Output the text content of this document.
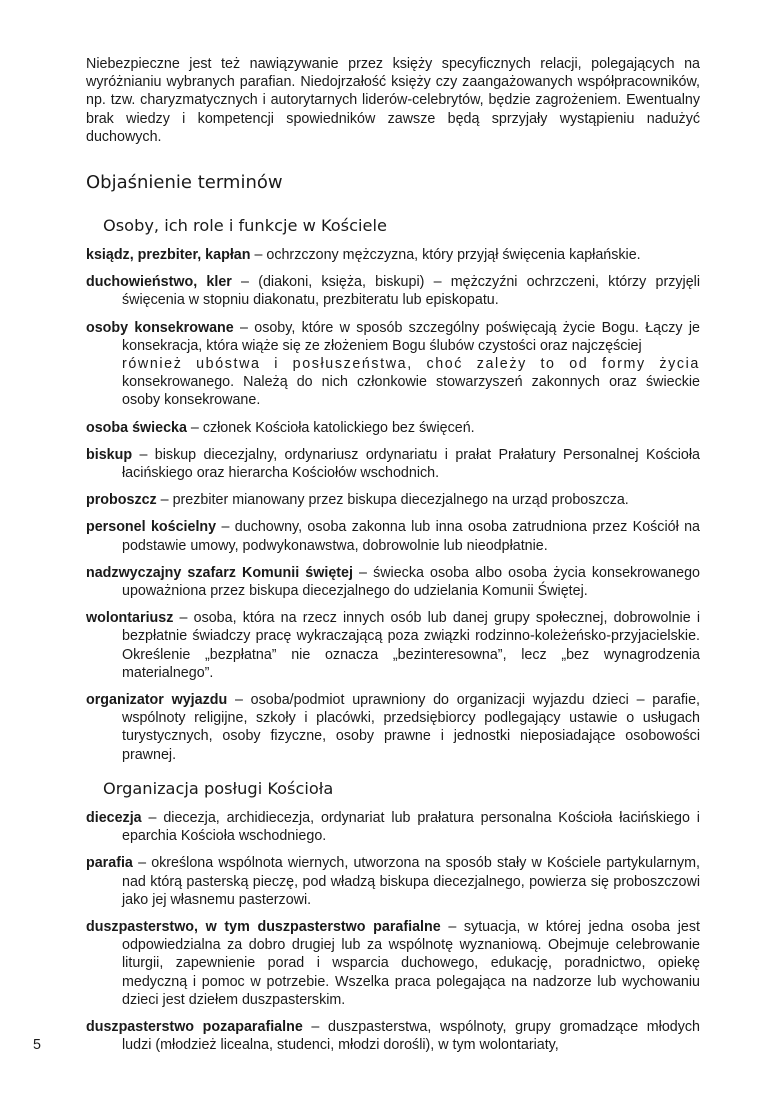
Niebezpieczne jest też nawiązywanie przez księży specyficznych relacji, polegających na wyróżnianiu wybranych parafian. Niedojrzałość księży czy zaangażowanych współpracowników, np. tzw. charyzmatycznych i autorytarnych liderów-celebrytów, będzie zagrożeniem. Ewentualny brak wiedzy i kompetencji spowiedników zawsze będą sprzyjały wystąpieniu nadużyć duchowych.

Objaśnienie terminów
Osoby, ich role i funkcje w Kościele

ksiądz, prezbiter, kapłan – ochrzczony mężczyzna, który przyjął święcenia kapłańskie.

duchowieństwo, kler – (diakoni, księża, biskupi) – mężczyźni ochrzczeni, którzy przyjęli święcenia w stopniu diakonatu, prezbiteratu lub episkopatu.

osoby konsekrowane – osoby, które w sposób szczególny poświęcają życie Bogu. Łączy je konsekracja, która wiąże się ze złożeniem Bogu ślubów czystości oraz najczęściej
również ubóstwa i posłuszeństwa, choć zależy to od formy życia
konsekrowanego. Należą do nich członkowie stowarzyszeń zakonnych oraz świeckie osoby konsekrowane.

osoba świecka – członek Kościoła katolickiego bez święceń.

biskup – biskup diecezjalny, ordynariusz ordynariatu i prałat Prałatury Personalnej Kościoła łacińskiego oraz hierarcha Kościołów wschodnich.

proboszcz – prezbiter mianowany przez biskupa diecezjalnego na urząd proboszcza.

personel kościelny – duchowny, osoba zakonna lub inna osoba zatrudniona przez Kościół na podstawie umowy, podwykonawstwa, dobrowolnie lub nieodpłatnie.

nadzwyczajny szafarz Komunii świętej – świecka osoba albo osoba życia konsekrowanego upoważniona przez biskupa diecezjalnego do udzielania Komunii Świętej.

wolontariusz – osoba, która na rzecz innych osób lub danej grupy społecznej, dobrowolnie i bezpłatnie świadczy pracę wykraczającą poza związki rodzinno-koleżeńsko-przyjacielskie. Określenie „bezpłatna” nie oznacza „bezinteresowna”, lecz „bez wynagrodzenia materialnego”.

organizator wyjazdu – osoba/podmiot uprawniony do organizacji wyjazdu dzieci – parafie, wspólnoty religijne, szkoły i placówki, przedsiębiorcy podlegający ustawie o usługach turystycznych, osoby fizyczne, osoby prawne i jednostki nieposiadające osobowości prawnej.

Organizacja posługi Kościoła

diecezja – diecezja, archidiecezja, ordynariat lub prałatura personalna Kościoła łacińskiego i eparchia Kościoła wschodniego.

parafia – określona wspólnota wiernych, utworzona na sposób stały w Kościele partykularnym, nad którą pasterską pieczę, pod władzą biskupa diecezjalnego, powierza się proboszczowi jako jej własnemu pasterzowi.

duszpasterstwo, w tym duszpasterstwo parafialne – sytuacja, w której jedna osoba jest odpowiedzialna za dobro drugiej lub za wspólnotę wyznaniową. Obejmuje celebrowanie liturgii, zapewnienie porad i wsparcia duchowego, edukację, poradnictwo, opiekę medyczną i pomoc w potrzebie. Wszelka praca polegająca na nadzorze lub wychowaniu dzieci jest dziełem duszpasterskim.

duszpasterstwo pozaparafialne – duszpasterstwa, wspólnoty, grupy gromadzące młodych ludzi (młodzież licealna, studenci, młodzi dorośli), w tym wolontariaty,

5
